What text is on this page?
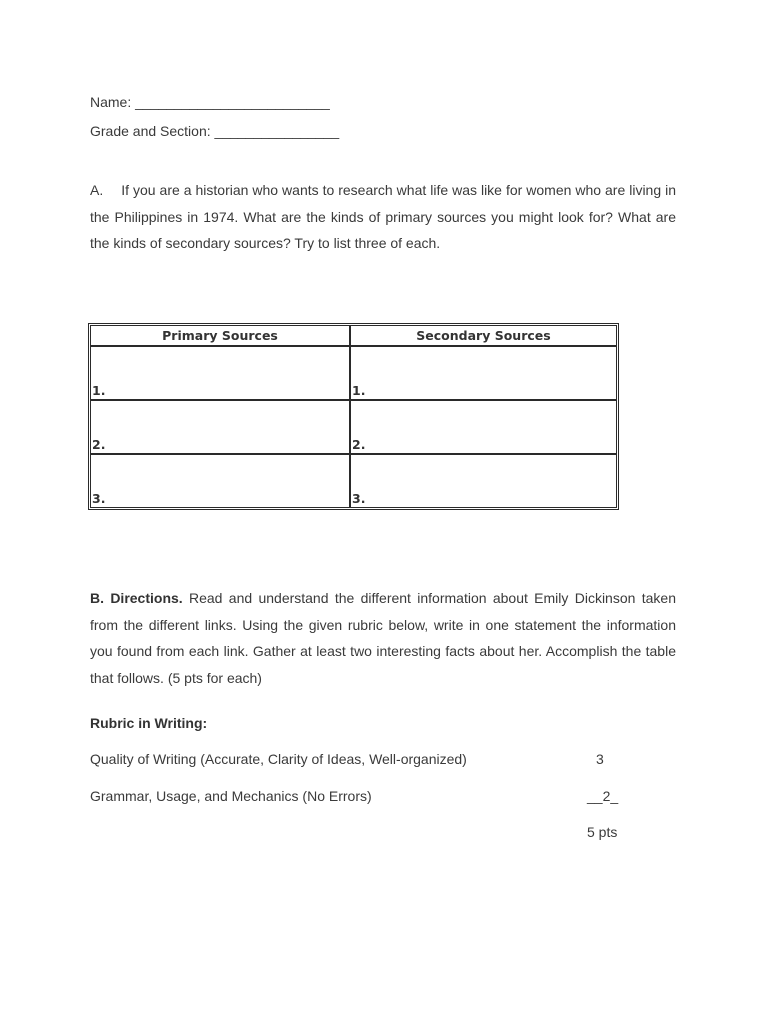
Name: _________________________
Grade and Section: ________________
A. If you are a historian who wants to research what life was like for women who are living in the Philippines in 1974. What are the kinds of primary sources you might look for? What are the kinds of secondary sources? Try to list three of each.
Primary Sources	Secondary Sources
1.	1.
2.	2.
3.	3.
B. Directions. Read and understand the different information about Emily Dickinson taken from the different links. Using the given rubric below, write in one statement the information you found from each link. Gather at least two interesting facts about her. Accomplish the table that follows. (5 pts for each)
Rubric in Writing:
Quality of Writing (Accurate, Clarity of Ideas, Well-organized)	3
Grammar, Usage, and Mechanics (No Errors)	__2_
5 pts
